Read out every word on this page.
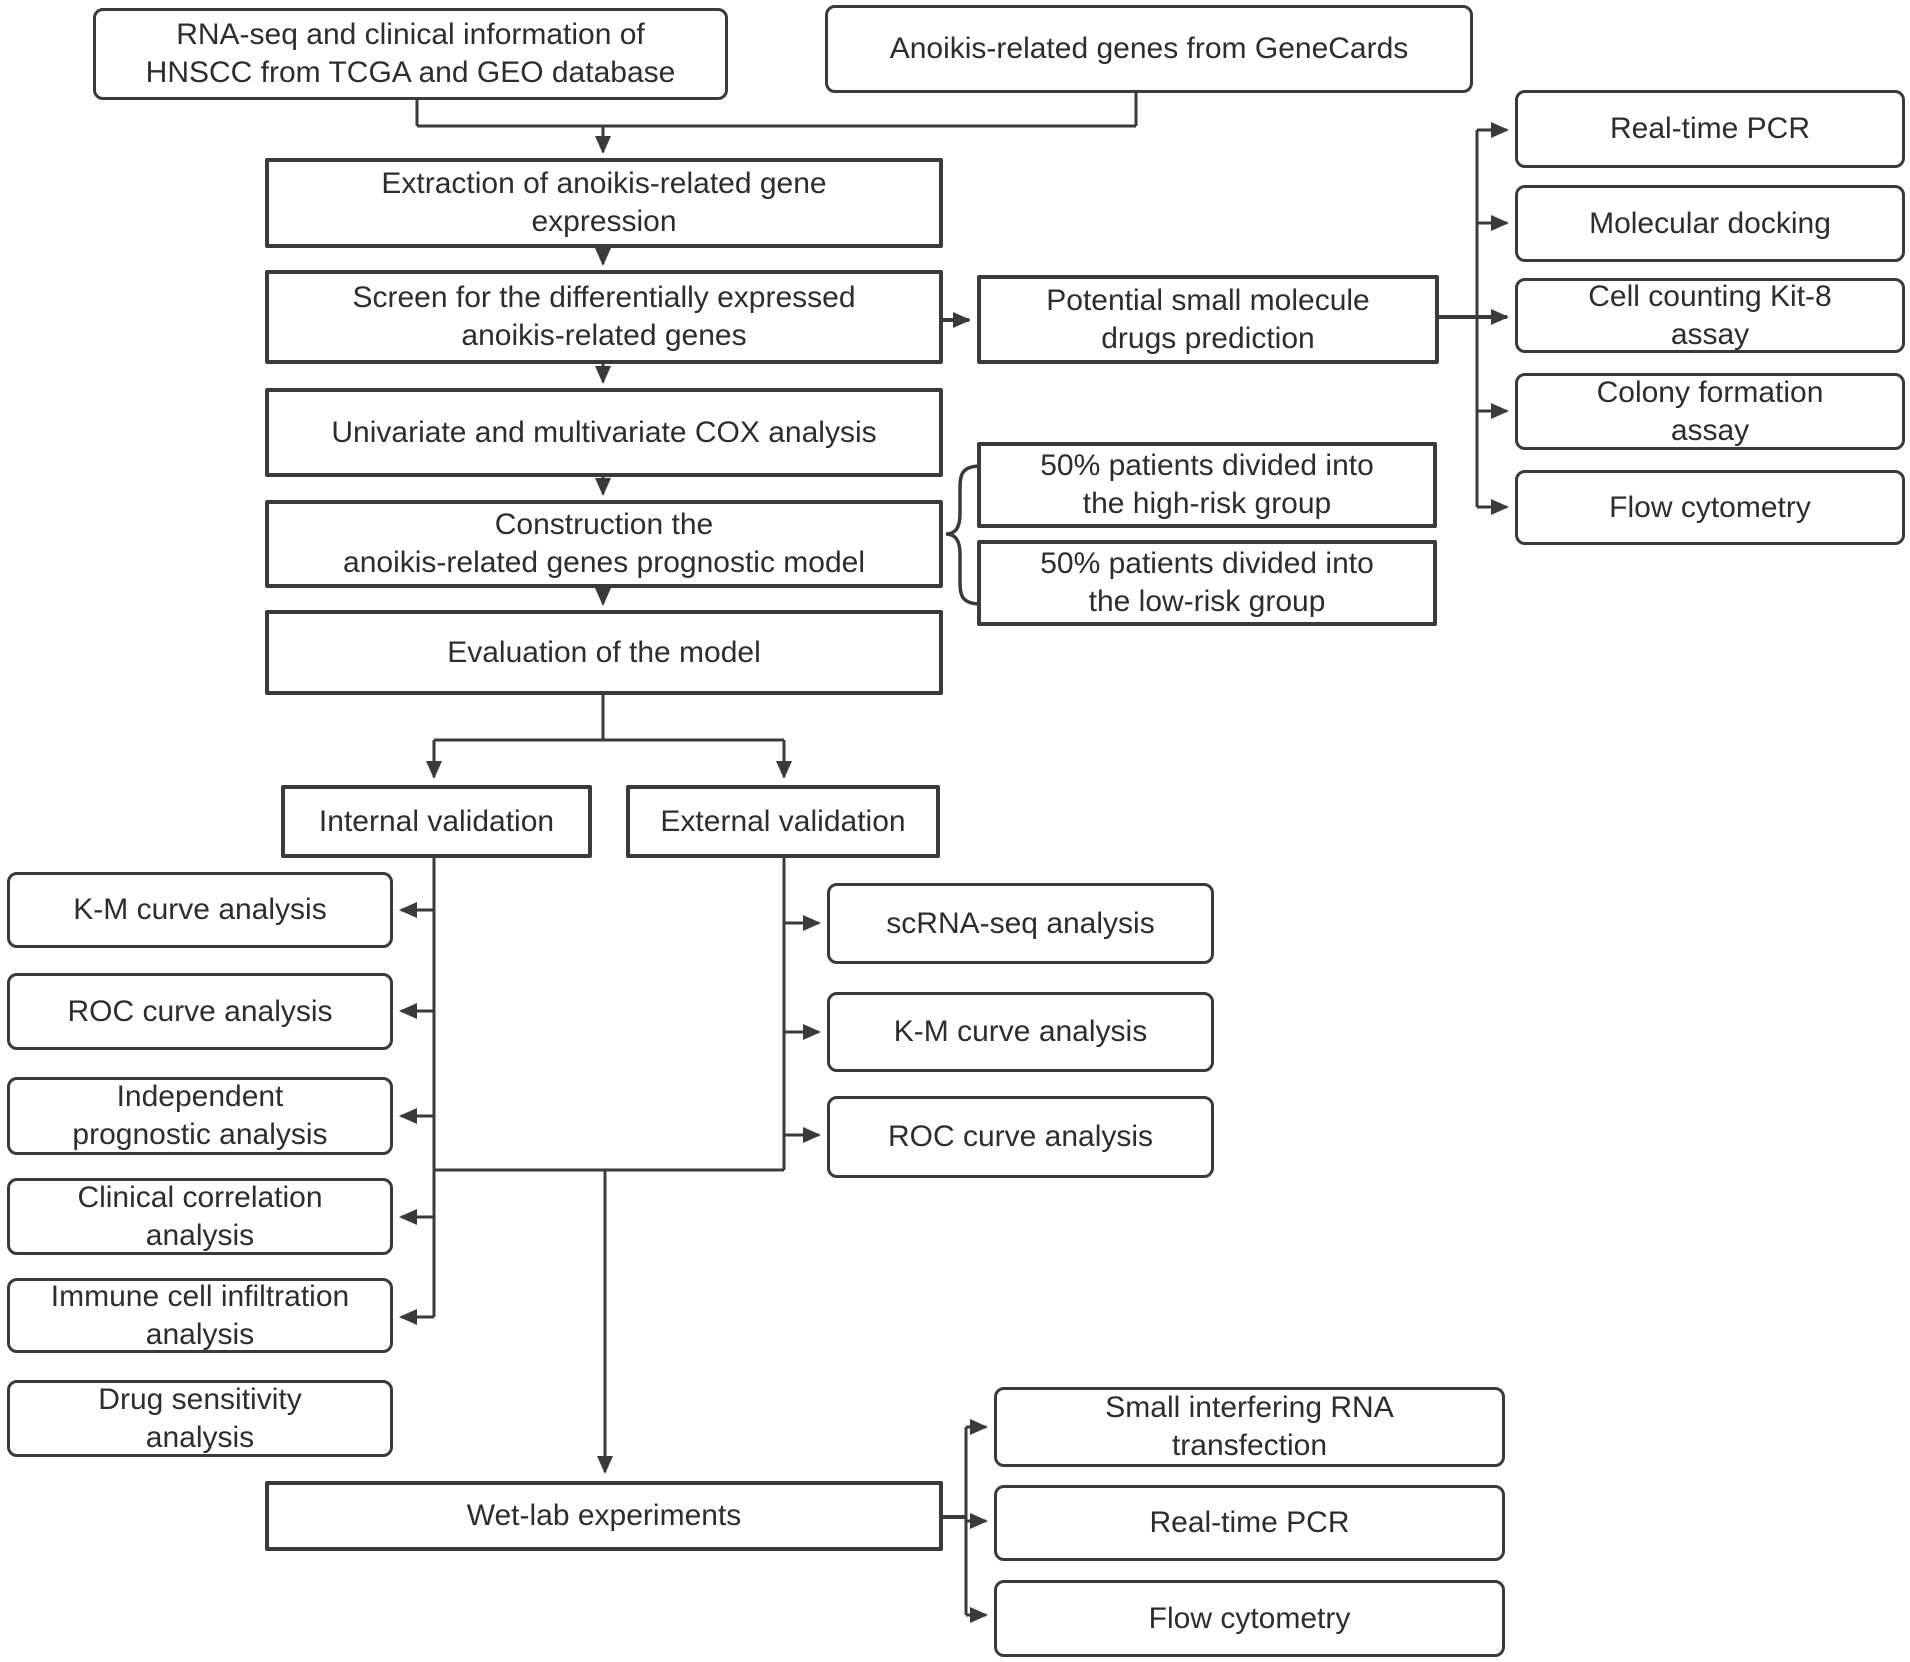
RNA-seq and clinical information of
HNSCC from TCGA and GEO database
Anoikis-related genes from GeneCards
Extraction of anoikis-related gene
expression
Screen for the differentially expressed
anoikis-related genes
Univariate and multivariate COX analysis
Construction the
anoikis-related genes prognostic model
Evaluation of the model
Potential small molecule
drugs prediction
Real-time PCR
Molecular docking
Cell counting Kit-8
assay
Colony formation
assay
Flow cytometry
50% patients divided into
the high-risk group
50% patients divided into
the low-risk group
Internal validation	External validation
K-M curve analysis
ROC curve analysis
Independent
prognostic analysis
Clinical correlation
analysis
Immune cell infiltration
analysis
Drug sensitivity
analysis
scRNA-seq analysis
K-M curve analysis
ROC curve analysis
Wet-lab experiments
Small interfering RNA
transfection
Real-time PCR
Flow cytometry
